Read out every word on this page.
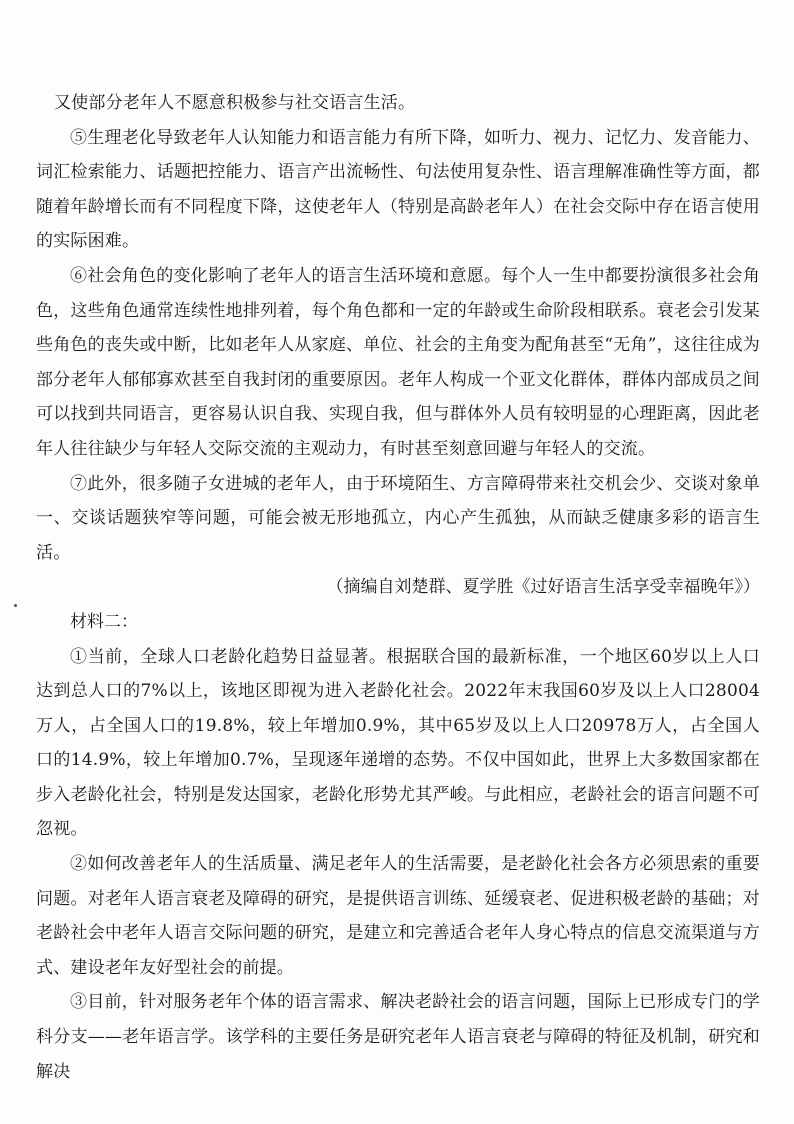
又使部分老年人不愿意积极参与社交语言生活。

⑤生理老化导致老年人认知能力和语言能力有所下降，如听力、视力、记忆力、发音能力、词汇检索能力、话题把控能力、语言产出流畅性、句法使用复杂性、语言理解准确性等方面，都随着年龄增长而有不同程度下降，这使老年人（特别是高龄老年人）在社会交际中存在语言使用的实际困难。

⑥社会角色的变化影响了老年人的语言生活环境和意愿。每个人一生中都要扮演很多社会角色，这些角色通常连续性地排列着，每个角色都和一定的年龄或生命阶段相联系。衰老会引发某些角色的丧失或中断，比如老年人从家庭、单位、社会的主角变为配角甚至“无角”，这往往成为部分老年人郁郁寡欢甚至自我封闭的重要原因。老年人构成一个亚文化群体，群体内部成员之间可以找到共同语言，更容易认识自我、实现自我，但与群体外人员有较明显的心理距离，因此老年人往往缺少与年轻人交际交流的主观动力，有时甚至刻意回避与年轻人的交流。

⑦此外，很多随子女进城的老年人，由于环境陌生、方言障碍带来社交机会少、交谈对象单一、交谈话题狭窄等问题，可能会被无形地孤立，内心产生孤独，从而缺乏健康多彩的语言生活。

（摘编自刘楚群、夏学胜《过好语言生活享受幸福晚年》）

材料二：

①当前，全球人口老龄化趋势日益显著。根据联合国的最新标准，一个地区60岁以上人口达到总人口的7%以上，该地区即视为进入老龄化社会。2022年末我国60岁及以上人口28004万人，占全国人口的19.8%，较上年增加0.9%，其中65岁及以上人口20978万人，占全国人口的14.9%，较上年增加0.7%，呈现逐年递增的态势。不仅中国如此，世界上大多数国家都在步入老龄化社会，特别是发达国家，老龄化形势尤其严峻。与此相应，老龄社会的语言问题不可忽视。

②如何改善老年人的生活质量、满足老年人的生活需要，是老龄化社会各方必须思索的重要问题。对老年人语言衰老及障碍的研究，是提供语言训练、延缓衰老、促进积极老龄的基础；对老龄社会中老年人语言交际问题的研究，是建立和完善适合老年人身心特点的信息交流渠道与方式、建设老年友好型社会的前提。

③目前，针对服务老年个体的语言需求、解决老龄社会的语言问题，国际上已形成专门的学科分支——老年语言学。该学科的主要任务是研究老年人语言衰老与障碍的特征及机制，研究和解决
